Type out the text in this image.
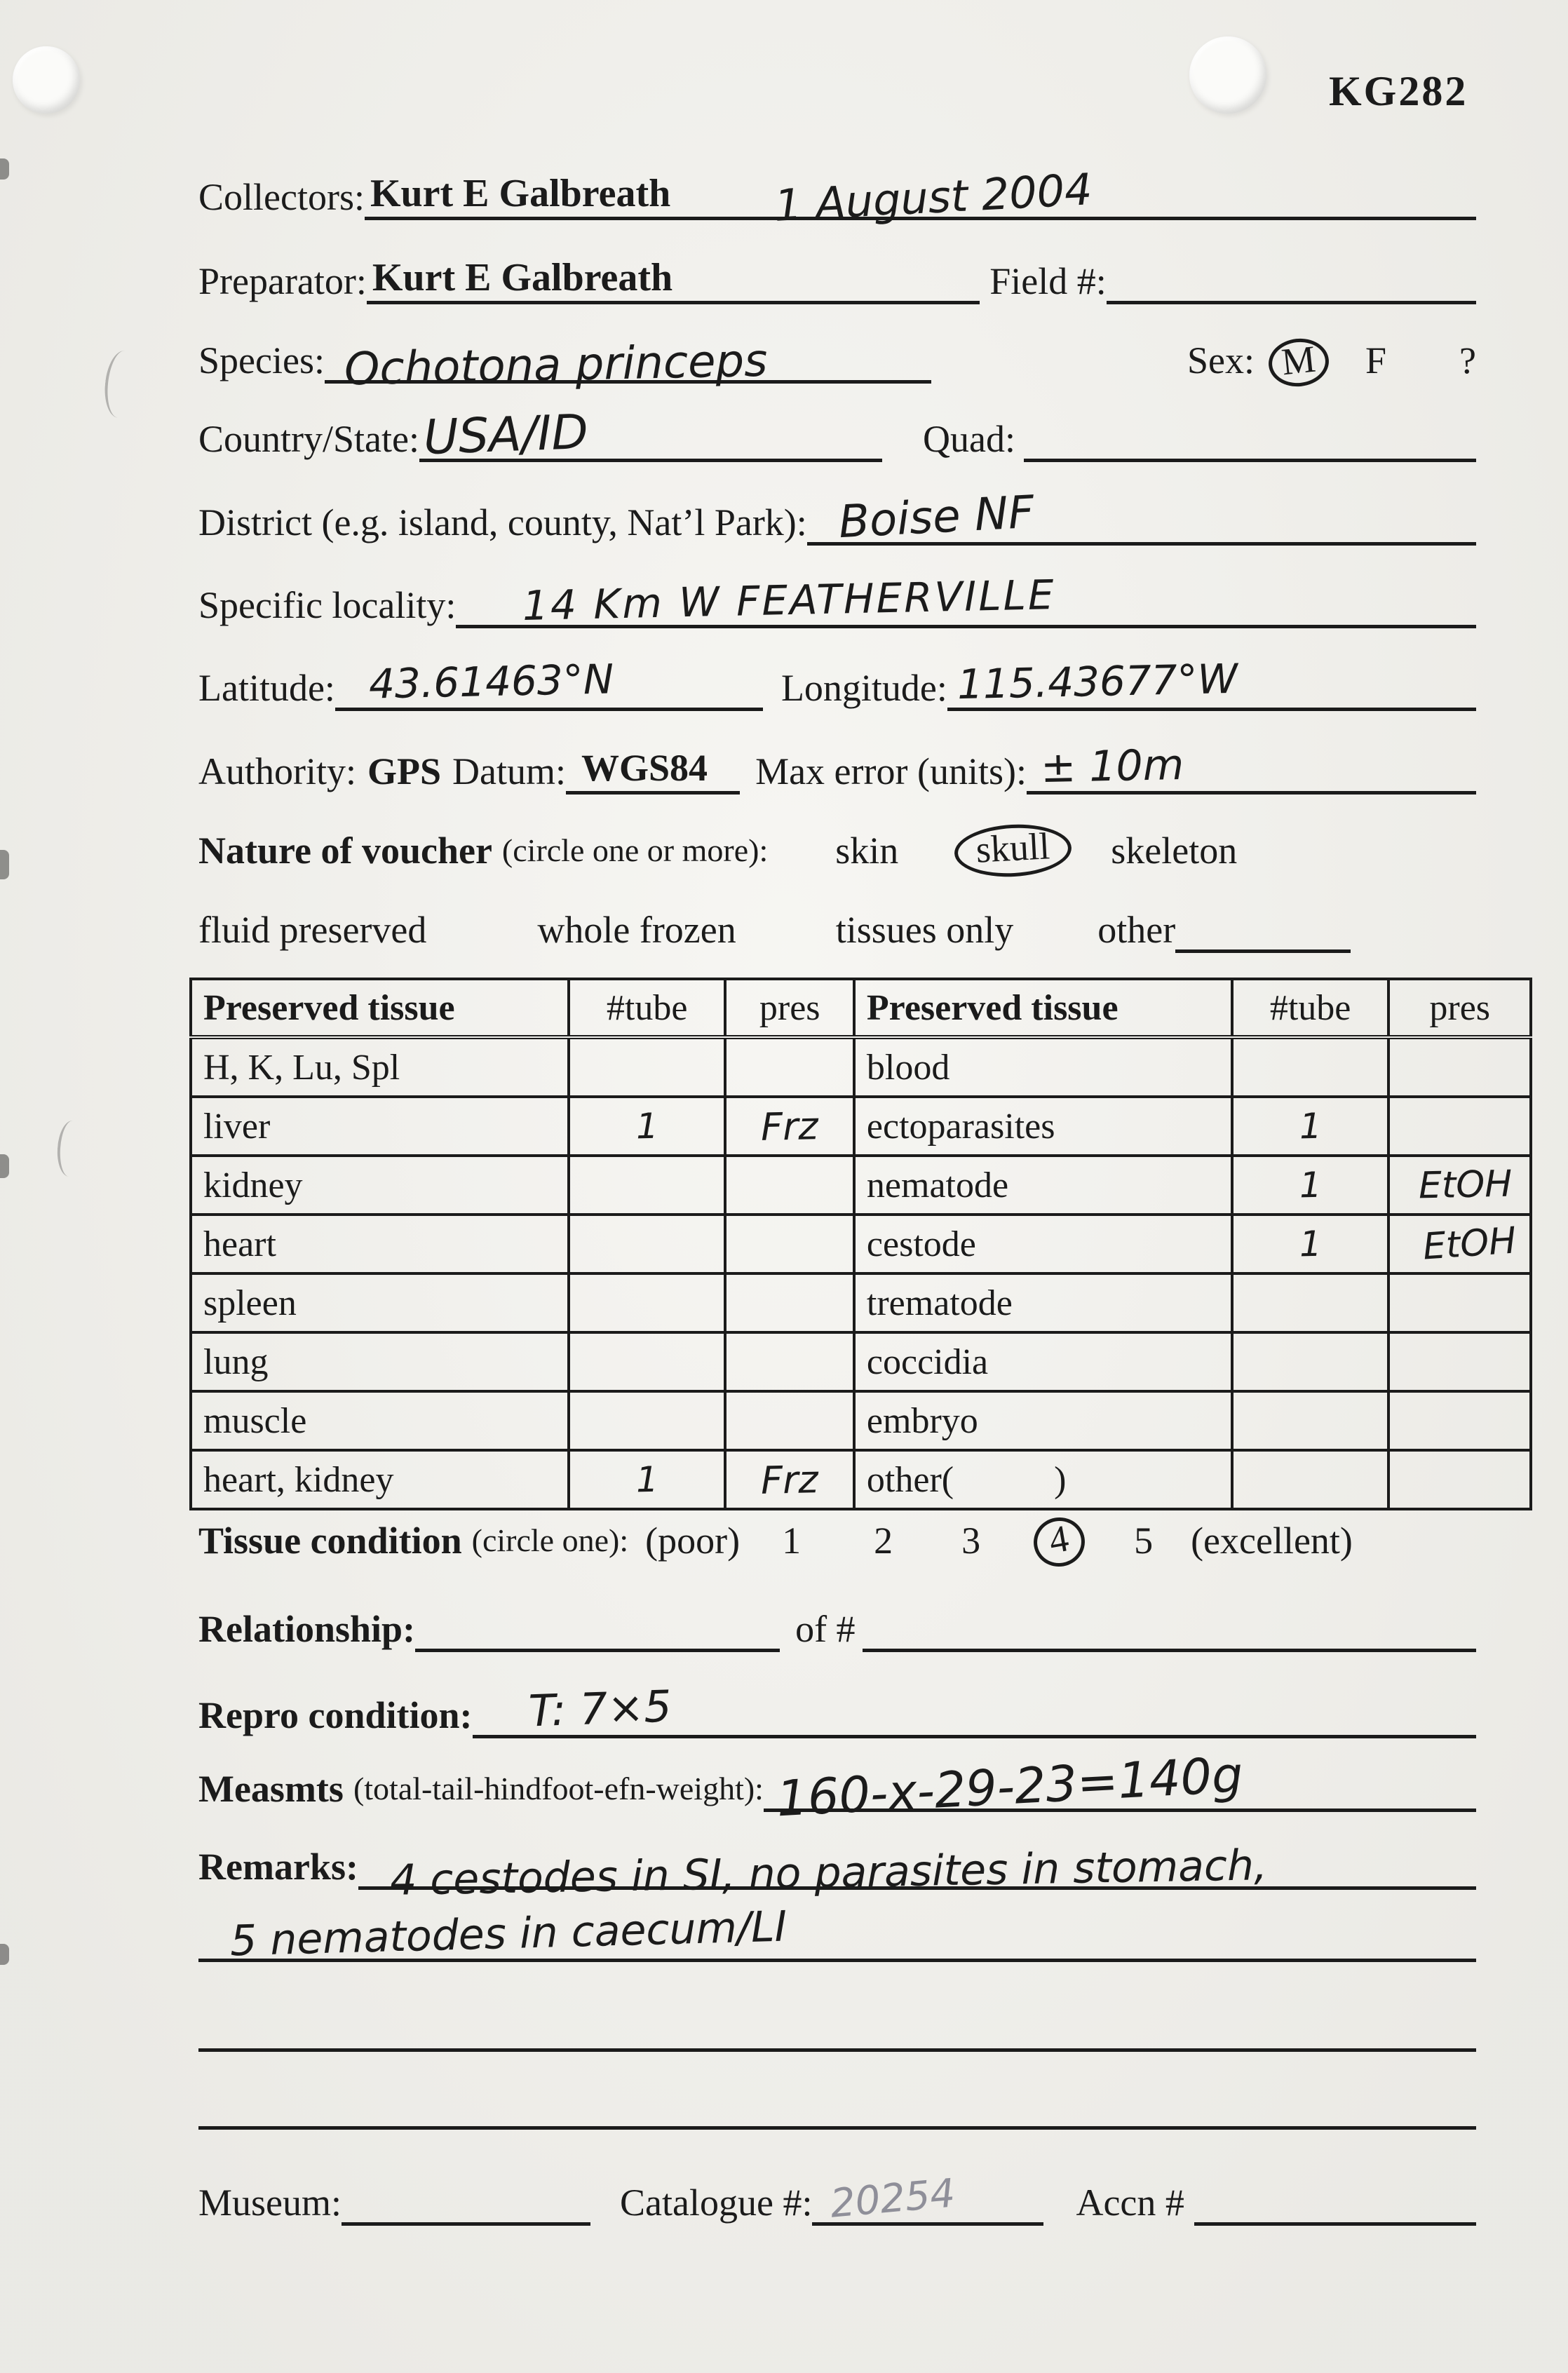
KG282
Collectors: Kurt E Galbreath 1 August 2004
Preparator: Kurt E Galbreath	Field #:
Species: Ochotona princeps	Sex: M	F ?
Country/State: USA/ID	Quad:
District (e.g. island, county, Nat’l Park): Boise NF
Specific locality: 14 Km W FEATHERVILLE
Latitude: 43.61463°N	Longitude: 115.43677°W
Authority: GPS Datum: WGS84	Max error (units): ± 10m
Nature of voucher (circle one or more): skin	skull	skeleton
fluid preserved	whole frozen	tissues only other
Preserved tissue	#tube	pres	Preserved tissue	#tube	pres
H, K, Lu, Spl			blood		
liver	1	Frz	ectoparasites	1	
kidney			nematode	1	EtOH
heart			cestode	1	EtOH
spleen			trematode		
lung			coccidia		
muscle			embryo		
heart, kidney	1	Frz	other(           )		
Tissue condition (circle one): (poor) 1 2 3	4	5 (excellent)
Relationship:	of #
Repro condition: T: 7×5
Measmts (total-tail-hindfoot-efn-weight): 160-x-29-23=140g
Remarks: 4 cestodes in SI, no parasites in stomach,
5 nematodes in caecum/LI
Museum:	Catalogue #: 20254	Accn #
